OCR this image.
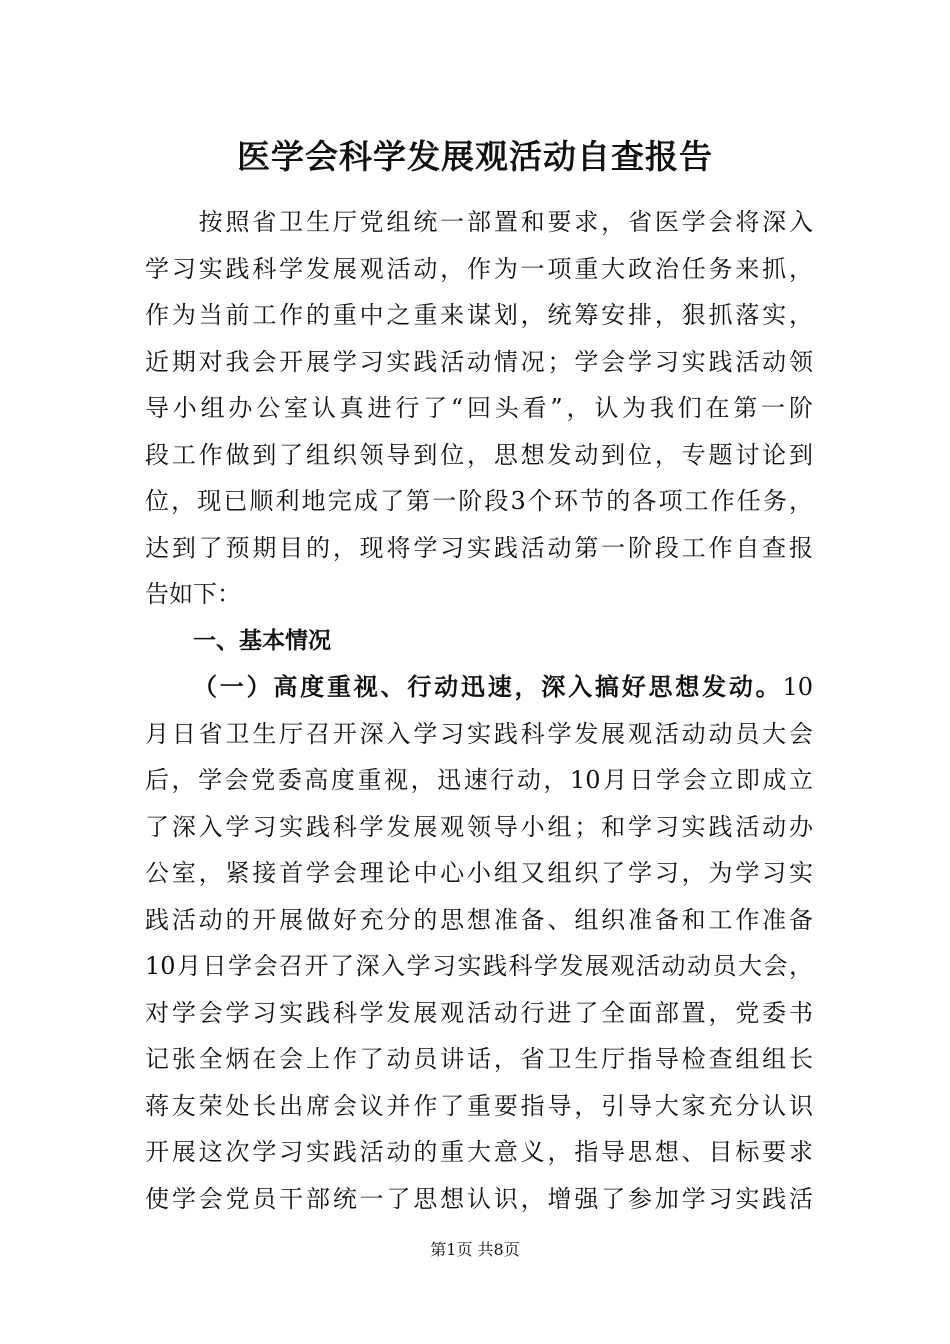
医学会科学发展观活动自查报告
　　按照省卫生厅党组统一部置和要求，省医学会将深入
学习实践科学发展观活动，作为一项重大政治任务来抓，
作为当前工作的重中之重来谋划，统筹安排，狠抓落实，
近期对我会开展学习实践活动情况；学会学习实践活动领
导小组办公室认真进行了“回头看”，认为我们在第一阶
段工作做到了组织领导到位，思想发动到位，专题讨论到
位，现已顺利地完成了第一阶段3个环节的各项工作任务，
达到了预期目的，现将学习实践活动第一阶段工作自查报
告如下：
一、基本情况
（一）高度重视、行动迅速，深入搞好思想发动。10
月日省卫生厅召开深入学习实践科学发展观活动动员大会
后，学会党委高度重视，迅速行动，10月日学会立即成立
了深入学习实践科学发展观领导小组；和学习实践活动办
公室，紧接首学会理论中心小组又组织了学习，为学习实
践活动的开展做好充分的思想准备、组织准备和工作准备
10月日学会召开了深入学习实践科学发展观活动动员大会，
对学会学习实践科学发展观活动行进了全面部置，党委书
记张全炳在会上作了动员讲话，省卫生厅指导检查组组长
蒋友荣处长出席会议并作了重要指导，引导大家充分认识
开展这次学习实践活动的重大意义，指导思想、目标要求
使学会党员干部统一了思想认识，增强了参加学习实践活
第1页 共8页
